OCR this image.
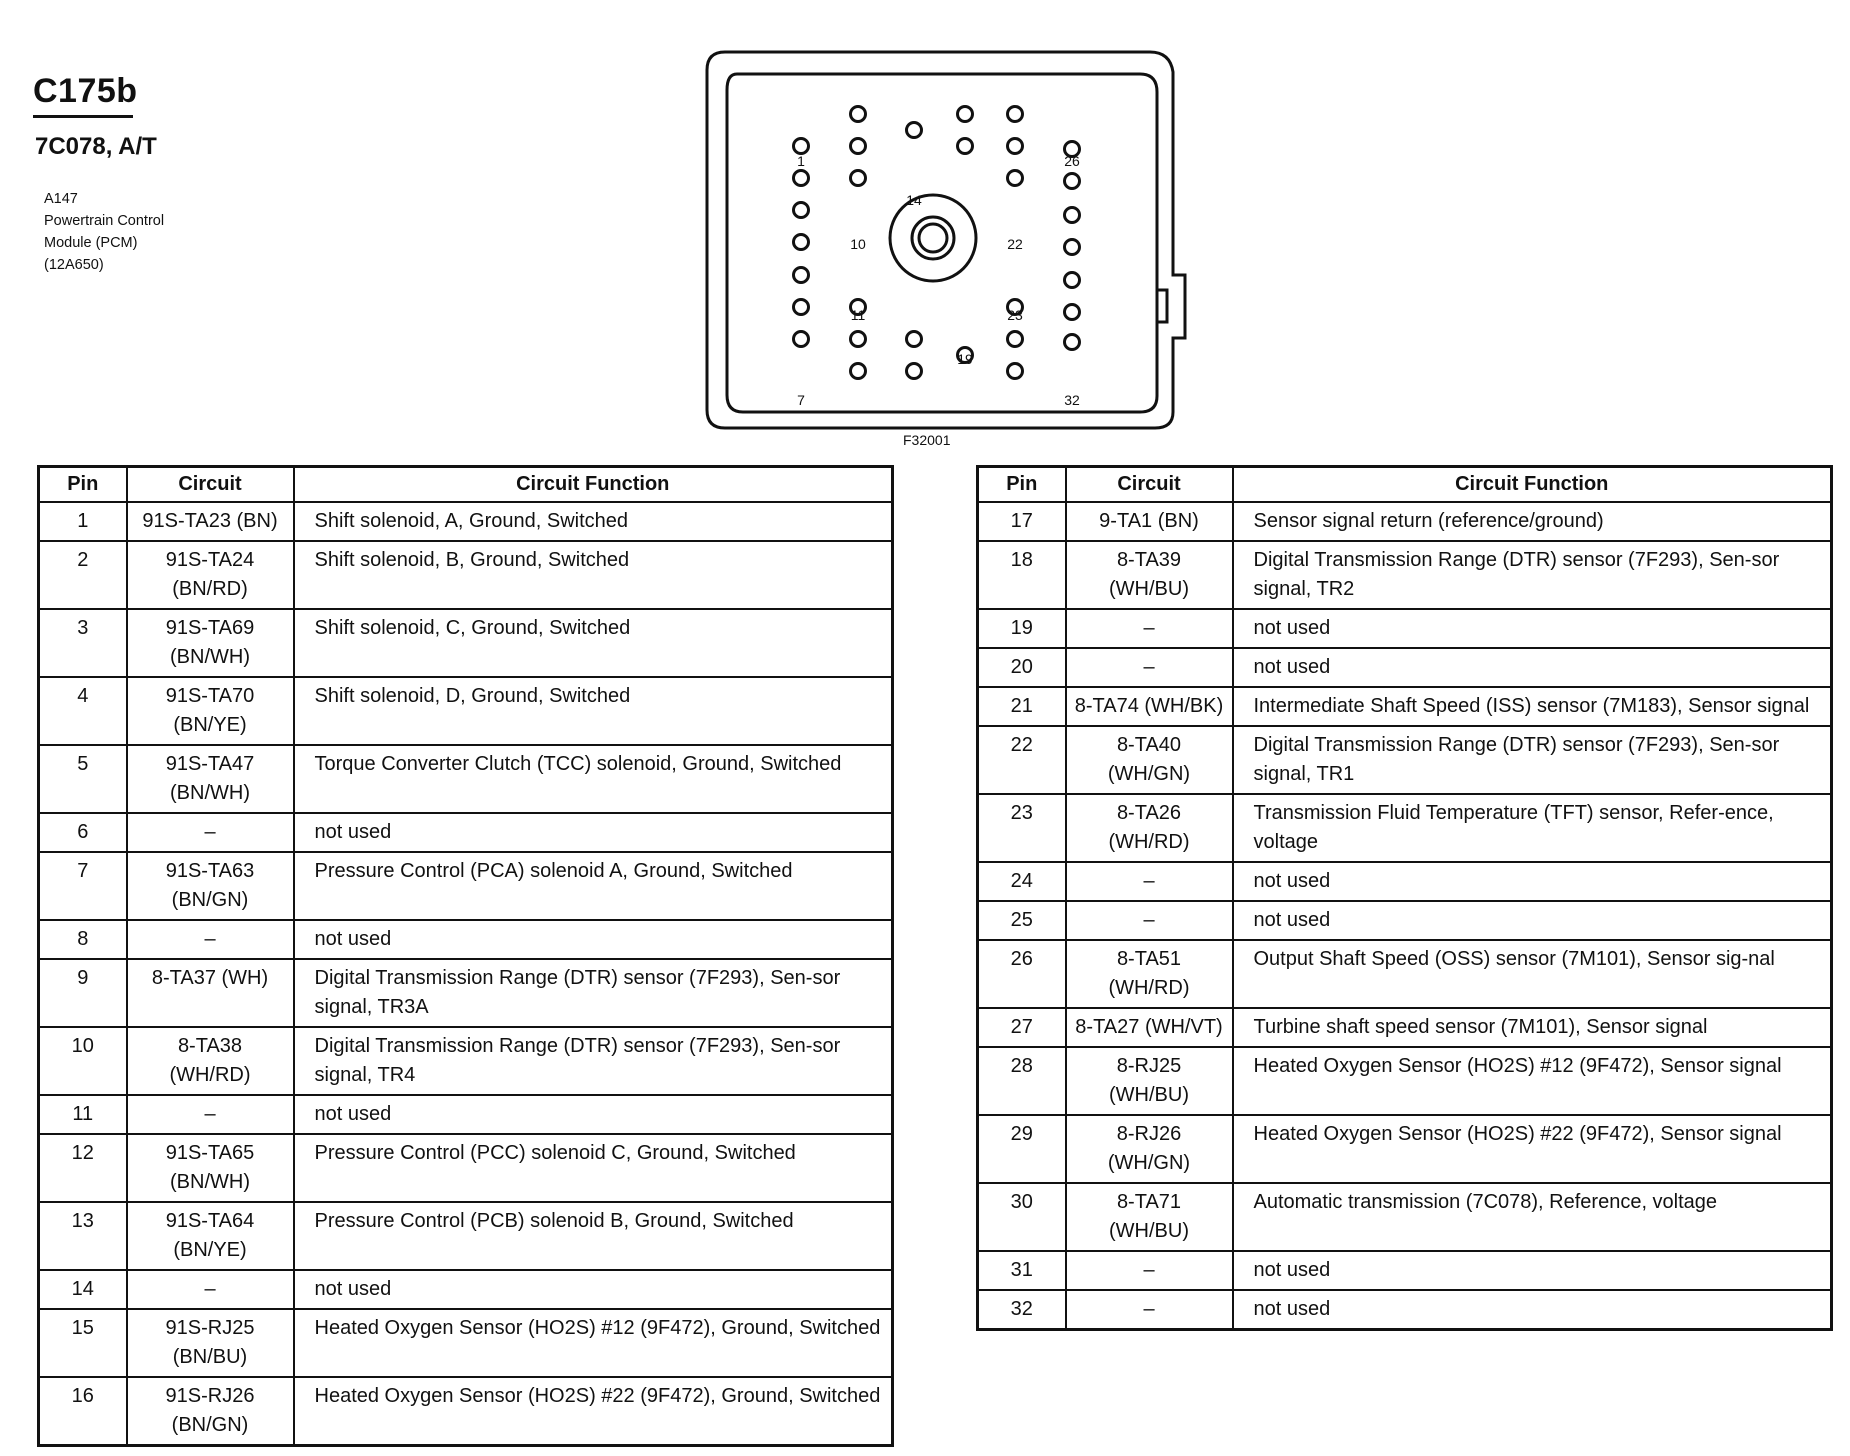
C175b
7C078, A/T
A147
Powertrain Control
Module (PCM)
(12A650)
1
7
10
11
14
19
22
23
26
32
F32001
Pin	Circuit	Circuit Function
1	91S-TA23 (BN)	Shift solenoid, A, Ground, Switched
2	91S-TA24 (BN/RD)	Shift solenoid, B, Ground, Switched
3	91S-TA69 (BN/WH)	Shift solenoid, C, Ground, Switched
4	91S-TA70 (BN/YE)	Shift solenoid, D, Ground, Switched
5	91S-TA47 (BN/WH)	Torque Converter Clutch (TCC) solenoid, Ground, Switched
6	–	not used
7	91S-TA63 (BN/GN)	Pressure Control (PCA) solenoid A, Ground, Switched
8	–	not used
9	8-TA37 (WH)	Digital Transmission Range (DTR) sensor (7F293), Sen-sor signal, TR3A
10	8-TA38 (WH/RD)	Digital Transmission Range (DTR) sensor (7F293), Sen-sor signal, TR4
11	–	not used
12	91S-TA65 (BN/WH)	Pressure Control (PCC) solenoid C, Ground, Switched
13	91S-TA64 (BN/YE)	Pressure Control (PCB) solenoid B, Ground, Switched
14	–	not used
15	91S-RJ25 (BN/BU)	Heated Oxygen Sensor (HO2S) #12 (9F472), Ground, Switched
16	91S-RJ26 (BN/GN)	Heated Oxygen Sensor (HO2S) #22 (9F472), Ground, Switched
Pin	Circuit	Circuit Function
17	9-TA1 (BN)	Sensor signal return (reference/ground)
18	8-TA39 (WH/BU)	Digital Transmission Range (DTR) sensor (7F293), Sen-sor signal, TR2
19	–	not used
20	–	not used
21	8-TA74 (WH/BK)	Intermediate Shaft Speed (ISS) sensor (7M183), Sensor signal
22	8-TA40 (WH/GN)	Digital Transmission Range (DTR) sensor (7F293), Sen-sor signal, TR1
23	8-TA26 (WH/RD)	Transmission Fluid Temperature (TFT) sensor, Refer-ence, voltage
24	–	not used
25	–	not used
26	8-TA51 (WH/RD)	Output Shaft Speed (OSS) sensor (7M101), Sensor sig-nal
27	8-TA27 (WH/VT)	Turbine shaft speed sensor (7M101), Sensor signal
28	8-RJ25 (WH/BU)	Heated Oxygen Sensor (HO2S) #12 (9F472), Sensor signal
29	8-RJ26 (WH/GN)	Heated Oxygen Sensor (HO2S) #22 (9F472), Sensor signal
30	8-TA71 (WH/BU)	Automatic transmission (7C078), Reference, voltage
31	–	not used
32	–	not used
